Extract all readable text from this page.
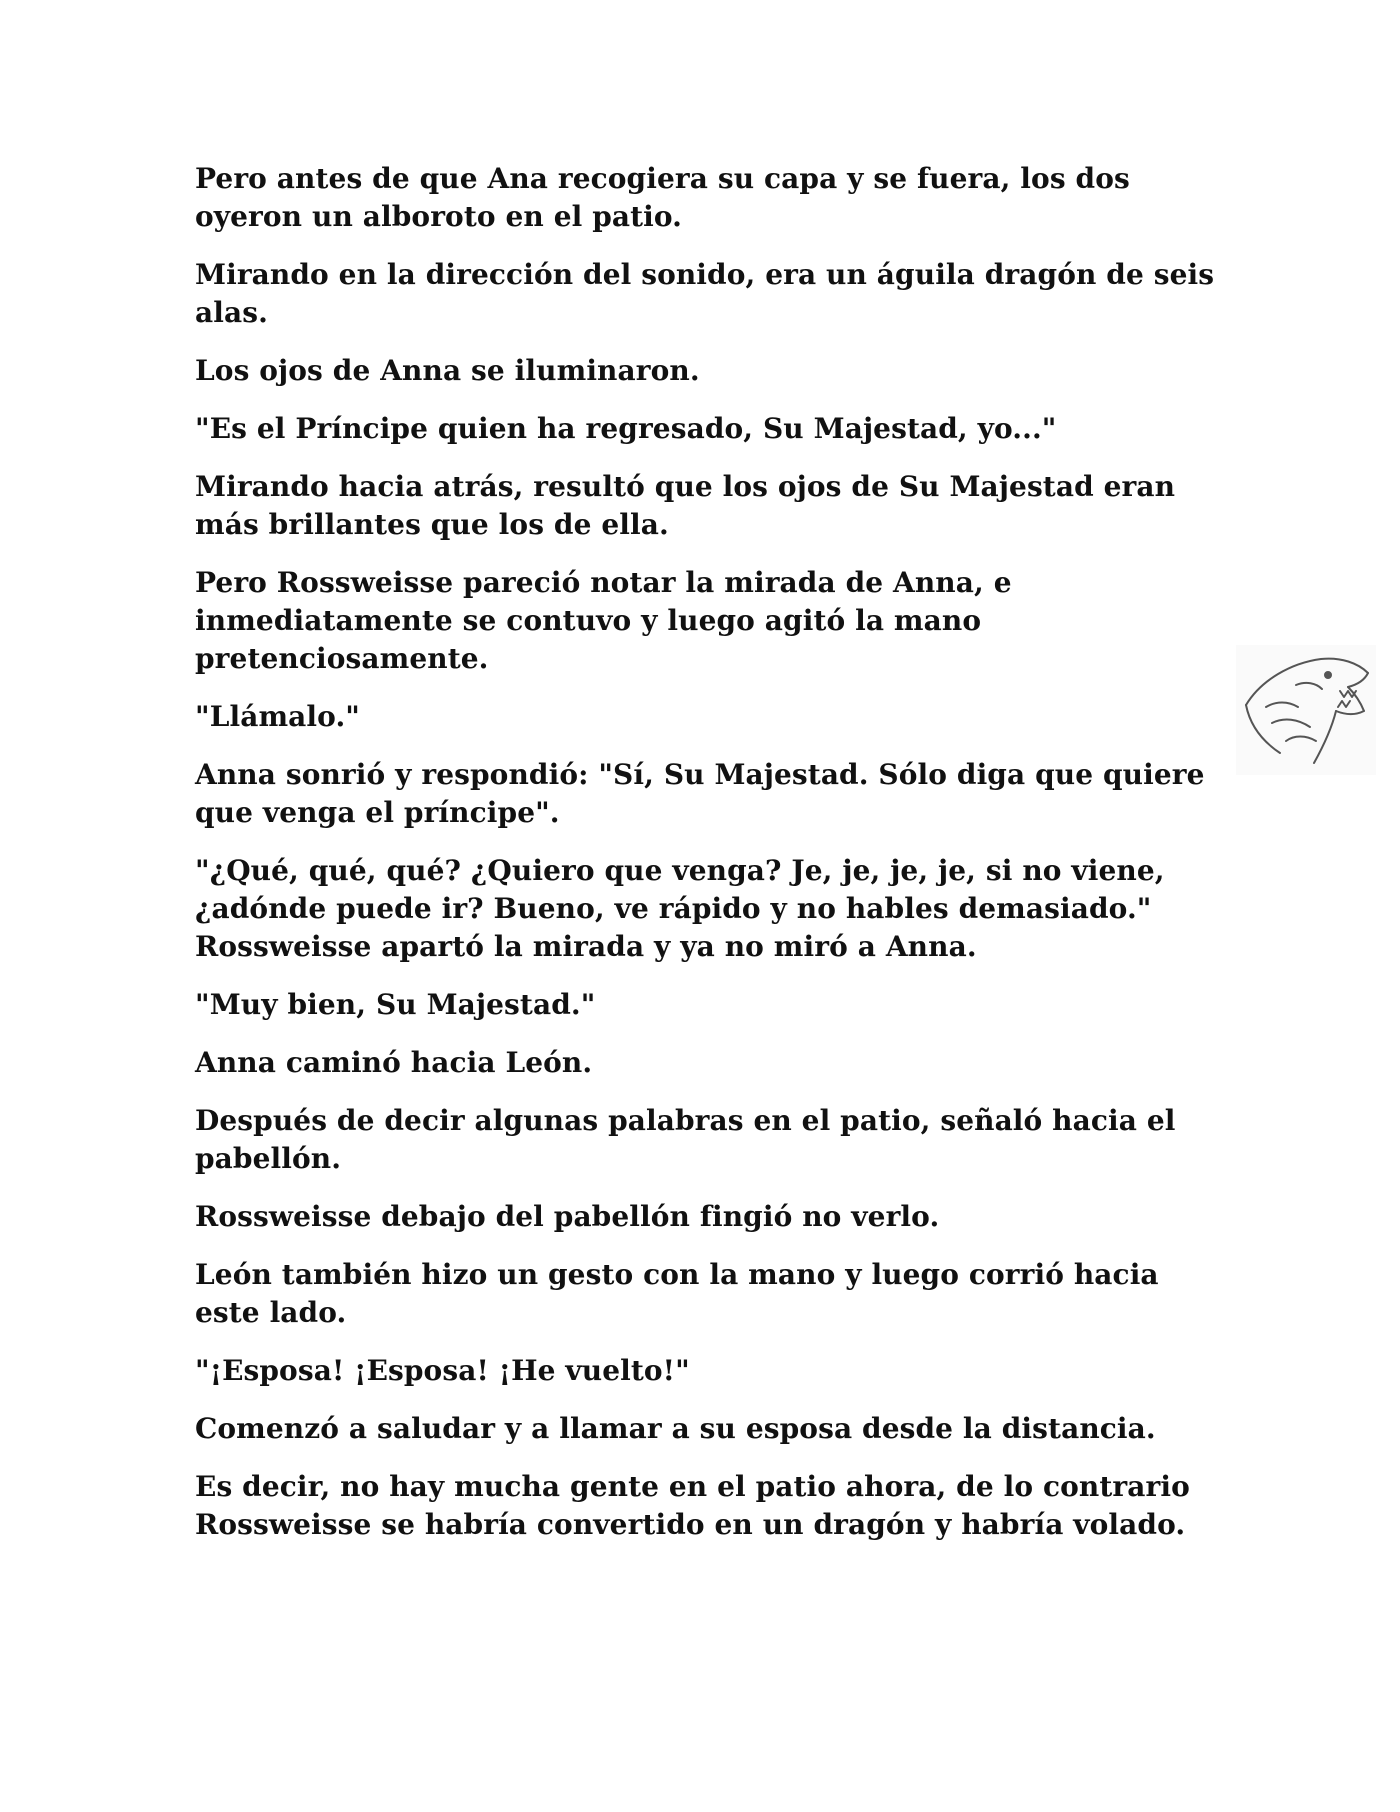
Pero antes de que Ana recogiera su capa y se fuera, los dos oyeron un alboroto en el patio.

Mirando en la dirección del sonido, era un águila dragón de seis alas.

Los ojos de Anna se iluminaron.

"Es el Príncipe quien ha regresado, Su Majestad, yo..."

Mirando hacia atrás, resultó que los ojos de Su Majestad eran más brillantes que los de ella.

Pero Rossweisse pareció notar la mirada de Anna, e inmediatamente se contuvo y luego agitó la mano pretenciosamente.

"Llámalo."

Anna sonrió y respondió: "Sí, Su Majestad. Sólo diga que quiere que venga el príncipe".

"¿Qué, qué, qué? ¿Quiero que venga? Je, je, je, je, si no viene, ¿adónde puede ir? Bueno, ve rápido y no hables demasiado." Rossweisse apartó la mirada y ya no miró a Anna.

"Muy bien, Su Majestad."

Anna caminó hacia León.

Después de decir algunas palabras en el patio, señaló hacia el pabellón.

Rossweisse debajo del pabellón fingió no verlo.

León también hizo un gesto con la mano y luego corrió hacia este lado.

"¡Esposa! ¡Esposa! ¡He vuelto!"

Comenzó a saludar y a llamar a su esposa desde la distancia.

Es decir, no hay mucha gente en el patio ahora, de lo contrario Rossweisse se habría convertido en un dragón y habría volado.
